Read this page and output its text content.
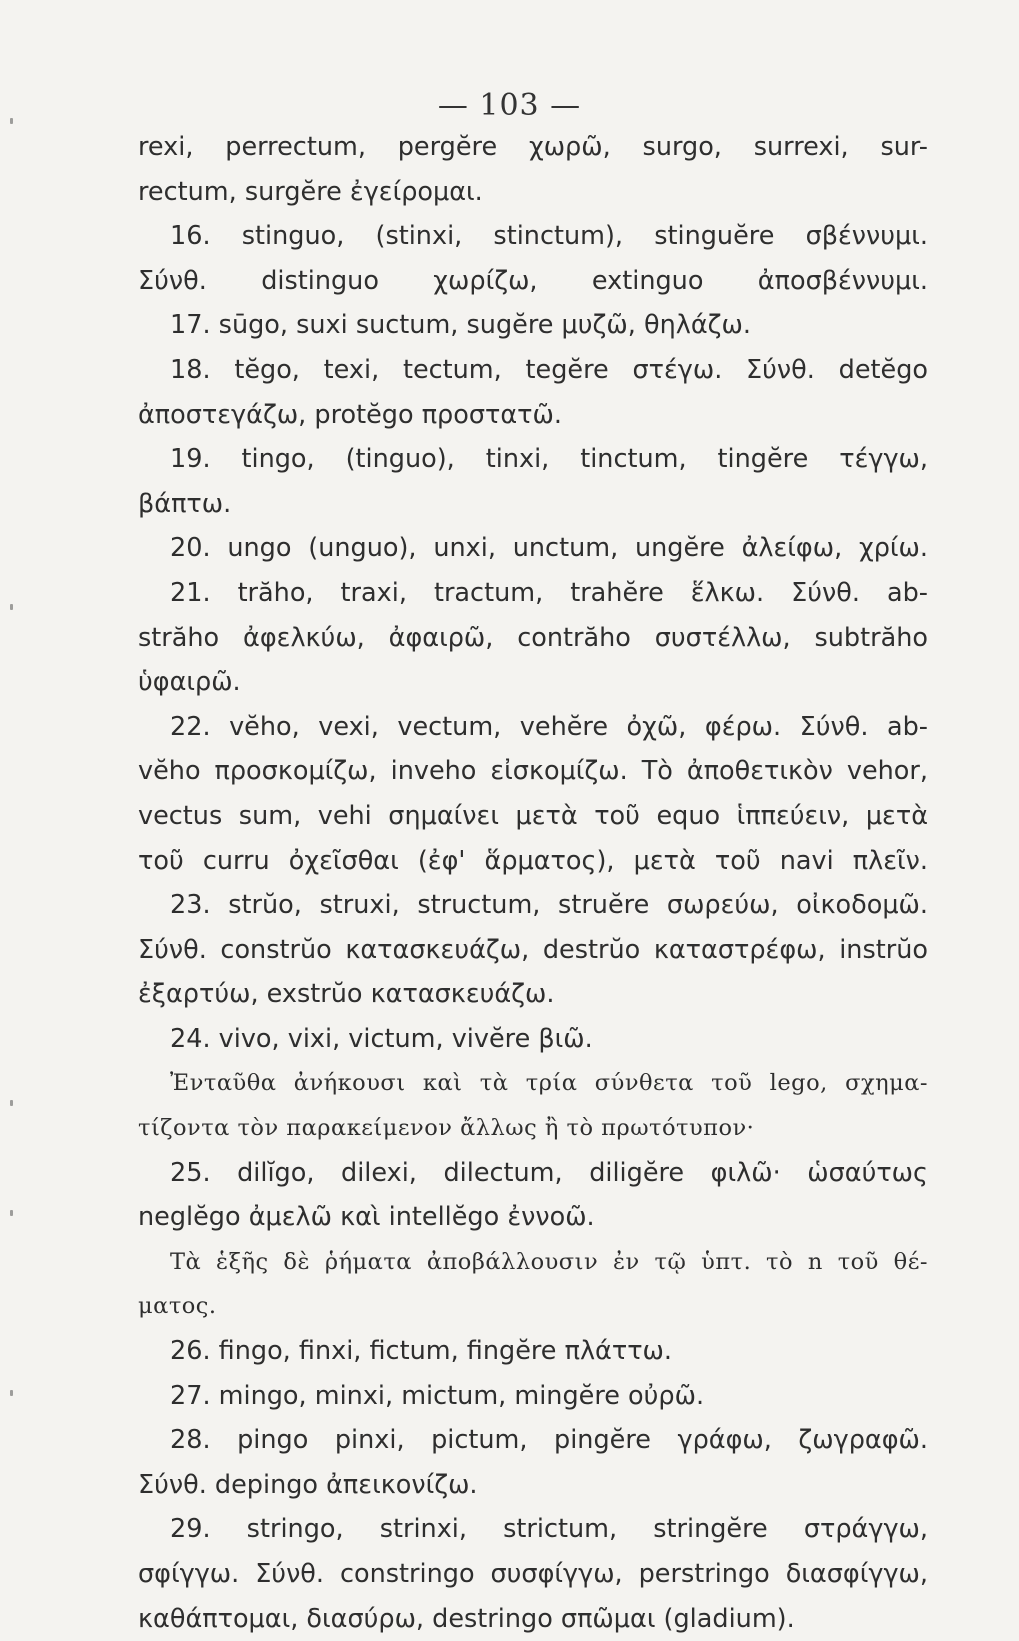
— 103 —
rexi, perrectum, pergĕre χωρῶ, surgo, surrexi, sur-
rectum, surgĕre ἐγείρομαι.
16. stinguo, (stinxi, stinctum), stinguĕre σβέννυμι.
Σύνθ. distinguo χωρίζω, extinguo ἀποσβέννυμι.
17. sūgo, suxi suctum, sugĕre μυζῶ, θηλάζω.
18. tĕgo, texi, tectum, tegĕre στέγω. Σύνθ. detĕgo
ἀποστεγάζω, protĕgo προστατῶ.
19. tingo, (tinguo), tinxi, tinctum, tingĕre τέγγω,
βάπτω.
20. ungo (unguo), unxi, unctum, ungĕre ἀλείφω, χρίω.
21. trăho, traxi, tractum, trahĕre ἕλκω. Σύνθ. ab-
străho ἀφελκύω, ἀφαιρῶ, contrăho συστέλλω, subtrăho
ὑφαιρῶ.
22. vĕho, vexi, vectum, vehĕre ὀχῶ, φέρω. Σύνθ. ab-
vĕho προσκομίζω, inveho εἰσκομίζω. Τὸ ἀποθετικὸν vehor,
vectus sum, vehi σημαίνει μετὰ τοῦ equo ἱππεύειν, μετὰ
τοῦ curru ὀχεῖσθαι (ἐφ' ἅρματος), μετὰ τοῦ navi πλεῖν.
23. strŭo, struxi, structum, struĕre σωρεύω, οἰκοδομῶ.
Σύνθ. constrŭo κατασκευάζω, destrŭo καταστρέφω, instrŭo
ἐξαρτύω, exstrŭo κατασκευάζω.
24. vivo, vixi, victum, vivĕre βιῶ.
Ἐνταῦθα ἀνήκουσι καὶ τὰ τρία σύνθετα τοῦ lego, σχημα-
τίζοντα τὸν παρακείμενον ἄλλως ἢ τὸ πρωτότυπον·
25. dilĭgo, dilexi, dilectum, diligĕre φιλῶ· ὡσαύτως
neglĕgo ἀμελῶ καὶ intellĕgo ἐννοῶ.
Τὰ ἑξῆς δὲ ῥήματα ἀποβάλλουσιν ἐν τῷ ὑπτ. τὸ n τοῦ θέ-
ματος.
26. fingo, finxi, fictum, fingĕre πλάττω.
27. mingo, minxi, mictum, mingĕre οὐρῶ.
28. pingo pinxi, pictum, pingĕre γράφω, ζωγραφῶ.
Σύνθ. depingo ἀπεικονίζω.
29. stringo, strinxi, strictum, stringĕre στράγγω,
σφίγγω. Σύνθ. constringo συσφίγγω, perstringo διασφίγγω,
καθάπτομαι, διασύρω, destringo σπῶμαι (gladium).
